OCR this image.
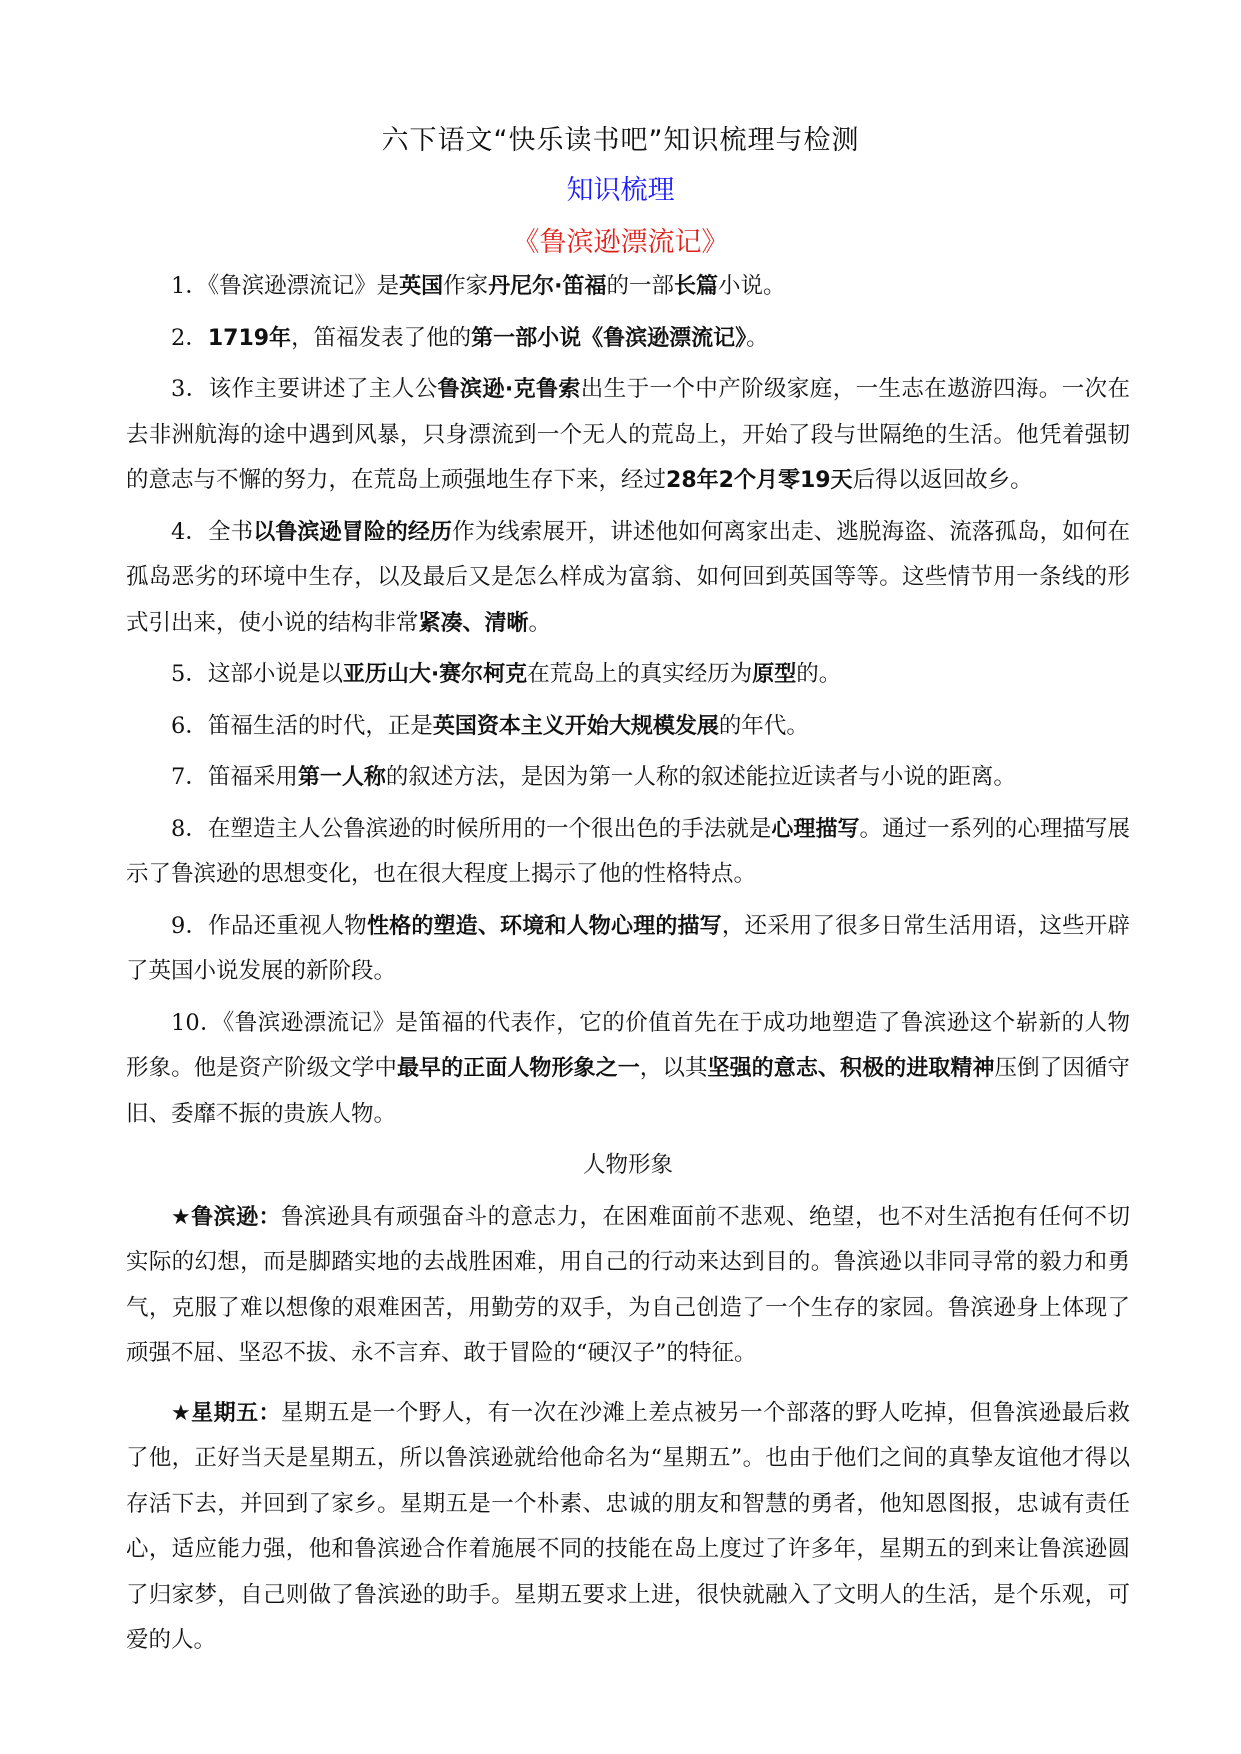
六下语文“快乐读书吧”知识梳理与检测
知识梳理
《鲁滨逊漂流记》

1．《鲁滨逊漂流记》是英国作家丹尼尔·笛福的一部长篇小说。

2．1719年，笛福发表了他的第一部小说《鲁滨逊漂流记》。

3．该作主要讲述了主人公鲁滨逊·克鲁索出生于一个中产阶级家庭，一生志在遨游四海。一次在去非洲航海的途中遇到风暴，只身漂流到一个无人的荒岛上，开始了段与世隔绝的生活。他凭着强韧的意志与不懈的努力，在荒岛上顽强地生存下来，经过28年2个月零19天后得以返回故乡。

4．全书以鲁滨逊冒险的经历作为线索展开，讲述他如何离家出走、逃脱海盗、流落孤岛，如何在孤岛恶劣的环境中生存，以及最后又是怎么样成为富翁、如何回到英国等等。这些情节用一条线的形式引出来，使小说的结构非常紧凑、清晰。

5．这部小说是以亚历山大·赛尔柯克在荒岛上的真实经历为原型的。

6．笛福生活的时代，正是英国资本主义开始大规模发展的年代。

7．笛福采用第一人称的叙述方法，是因为第一人称的叙述能拉近读者与小说的距离。

8．在塑造主人公鲁滨逊的时候所用的一个很出色的手法就是心理描写。通过一系列的心理描写展示了鲁滨逊的思想变化，也在很大程度上揭示了他的性格特点。

9．作品还重视人物性格的塑造、环境和人物心理的描写，还采用了很多日常生活用语，这些开辟了英国小说发展的新阶段。

10．《鲁滨逊漂流记》是笛福的代表作，它的价值首先在于成功地塑造了鲁滨逊这个崭新的人物形象。他是资产阶级文学中最早的正面人物形象之一，以其坚强的意志、积极的进取精神压倒了因循守旧、委靡不振的贵族人物。

人物形象

★鲁滨逊：鲁滨逊具有顽强奋斗的意志力，在困难面前不悲观、绝望，也不对生活抱有任何不切实际的幻想，而是脚踏实地的去战胜困难，用自己的行动来达到目的。鲁滨逊以非同寻常的毅力和勇气，克服了难以想像的艰难困苦，用勤劳的双手，为自己创造了一个生存的家园。鲁滨逊身上体现了顽强不屈、坚忍不拔、永不言弃、敢于冒险的“硬汉子”的特征。

★星期五：星期五是一个野人，有一次在沙滩上差点被另一个部落的野人吃掉，但鲁滨逊最后救了他，正好当天是星期五，所以鲁滨逊就给他命名为“星期五”。也由于他们之间的真挚友谊他才得以存活下去，并回到了家乡。星期五是一个朴素、忠诚的朋友和智慧的勇者，他知恩图报，忠诚有责任心，适应能力强，他和鲁滨逊合作着施展不同的技能在岛上度过了许多年，星期五的到来让鲁滨逊圆了归家梦，自己则做了鲁滨逊的助手。星期五要求上进，很快就融入了文明人的生活，是个乐观，可爱的人。
